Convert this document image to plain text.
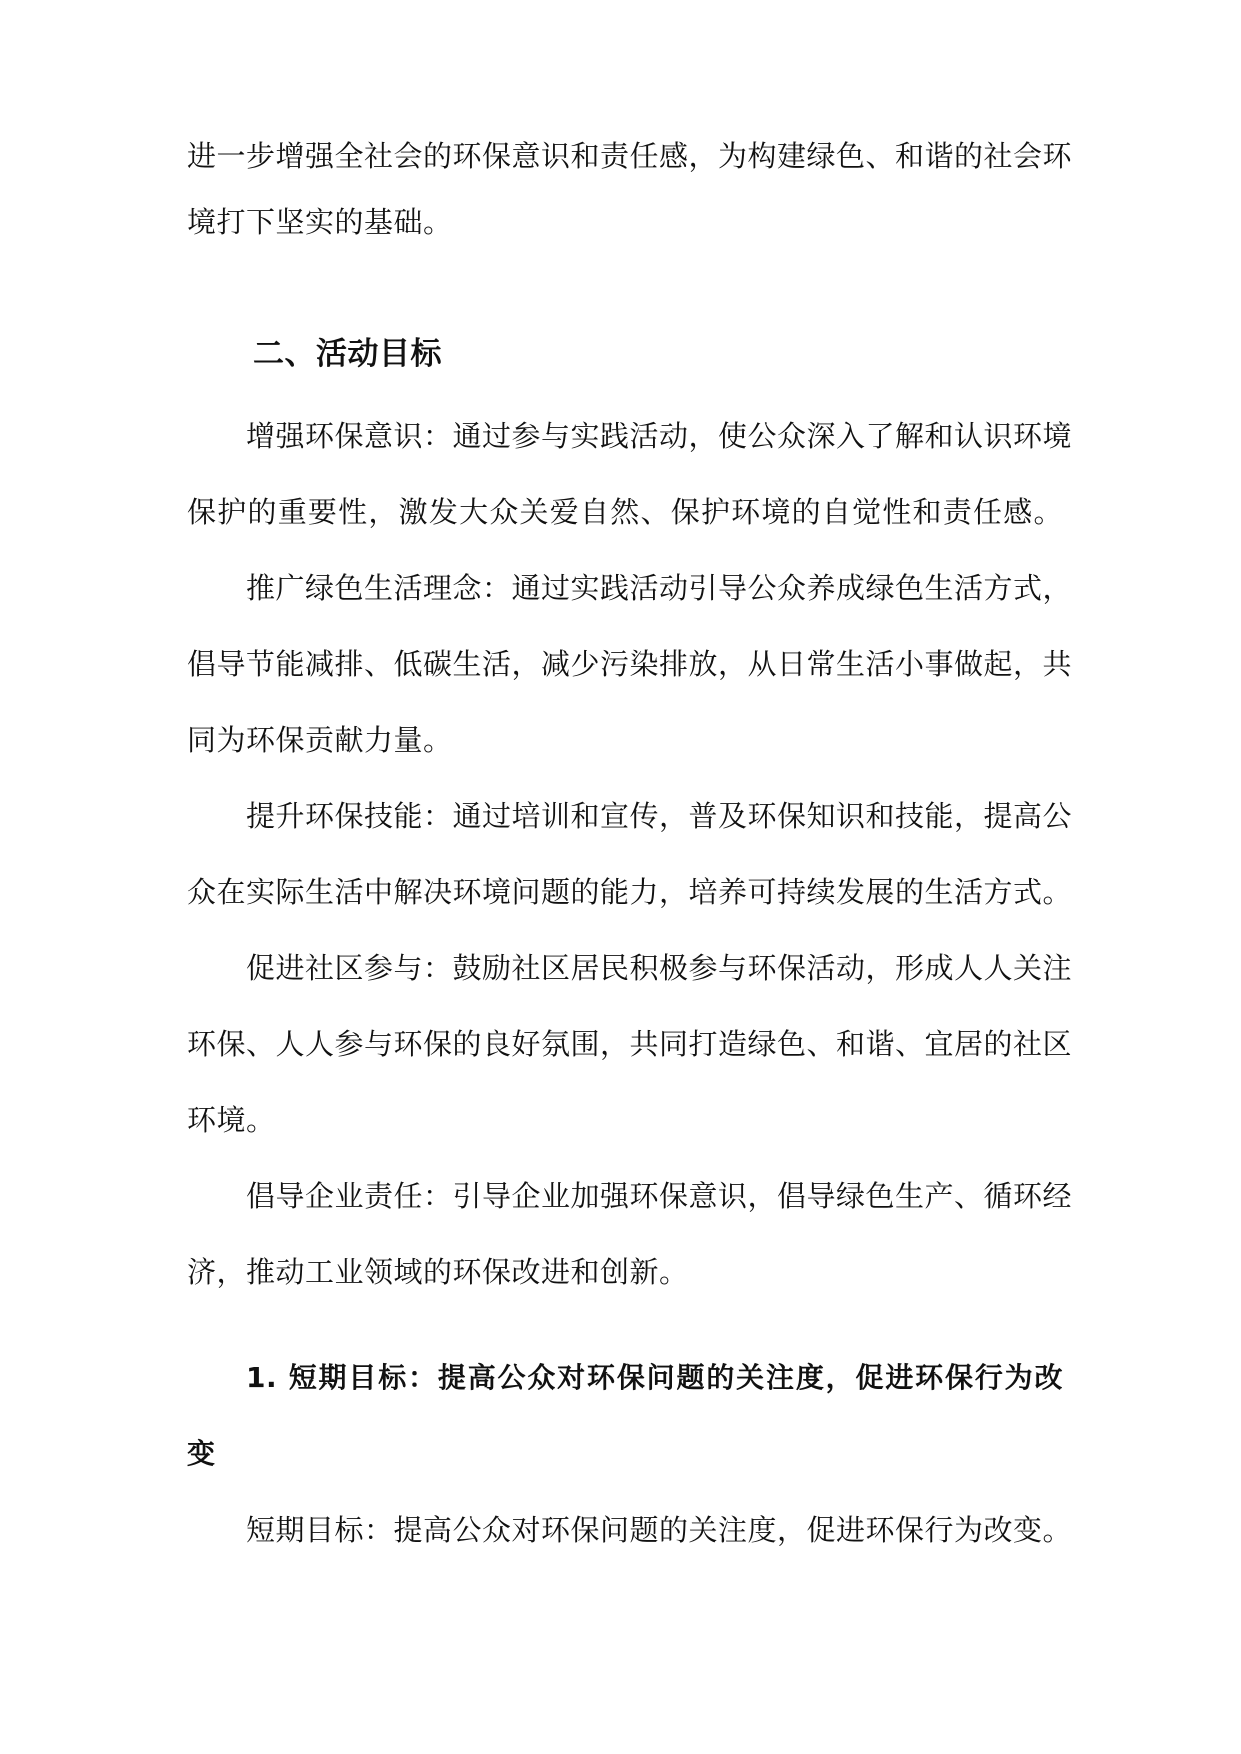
进一步增强全社会的环保意识和责任感，为构建绿色、和谐的社会环
境打下坚实的基础。
二、活动目标
增强环保意识：通过参与实践活动，使公众深入了解和认识环境
保护的重要性，激发大众关爱自然、保护环境的自觉性和责任感。
推广绿色生活理念：通过实践活动引导公众养成绿色生活方式，
倡导节能减排、低碳生活，减少污染排放，从日常生活小事做起，共
同为环保贡献力量。
提升环保技能：通过培训和宣传，普及环保知识和技能，提高公
众在实际生活中解决环境问题的能力，培养可持续发展的生活方式。
促进社区参与：鼓励社区居民积极参与环保活动，形成人人关注
环保、人人参与环保的良好氛围，共同打造绿色、和谐、宜居的社区
环境。
倡导企业责任：引导企业加强环保意识，倡导绿色生产、循环经
济，推动工业领域的环保改进和创新。
1. 短期目标：提高公众对环保问题的关注度，促进环保行为改
变
短期目标：提高公众对环保问题的关注度，促进环保行为改变。
